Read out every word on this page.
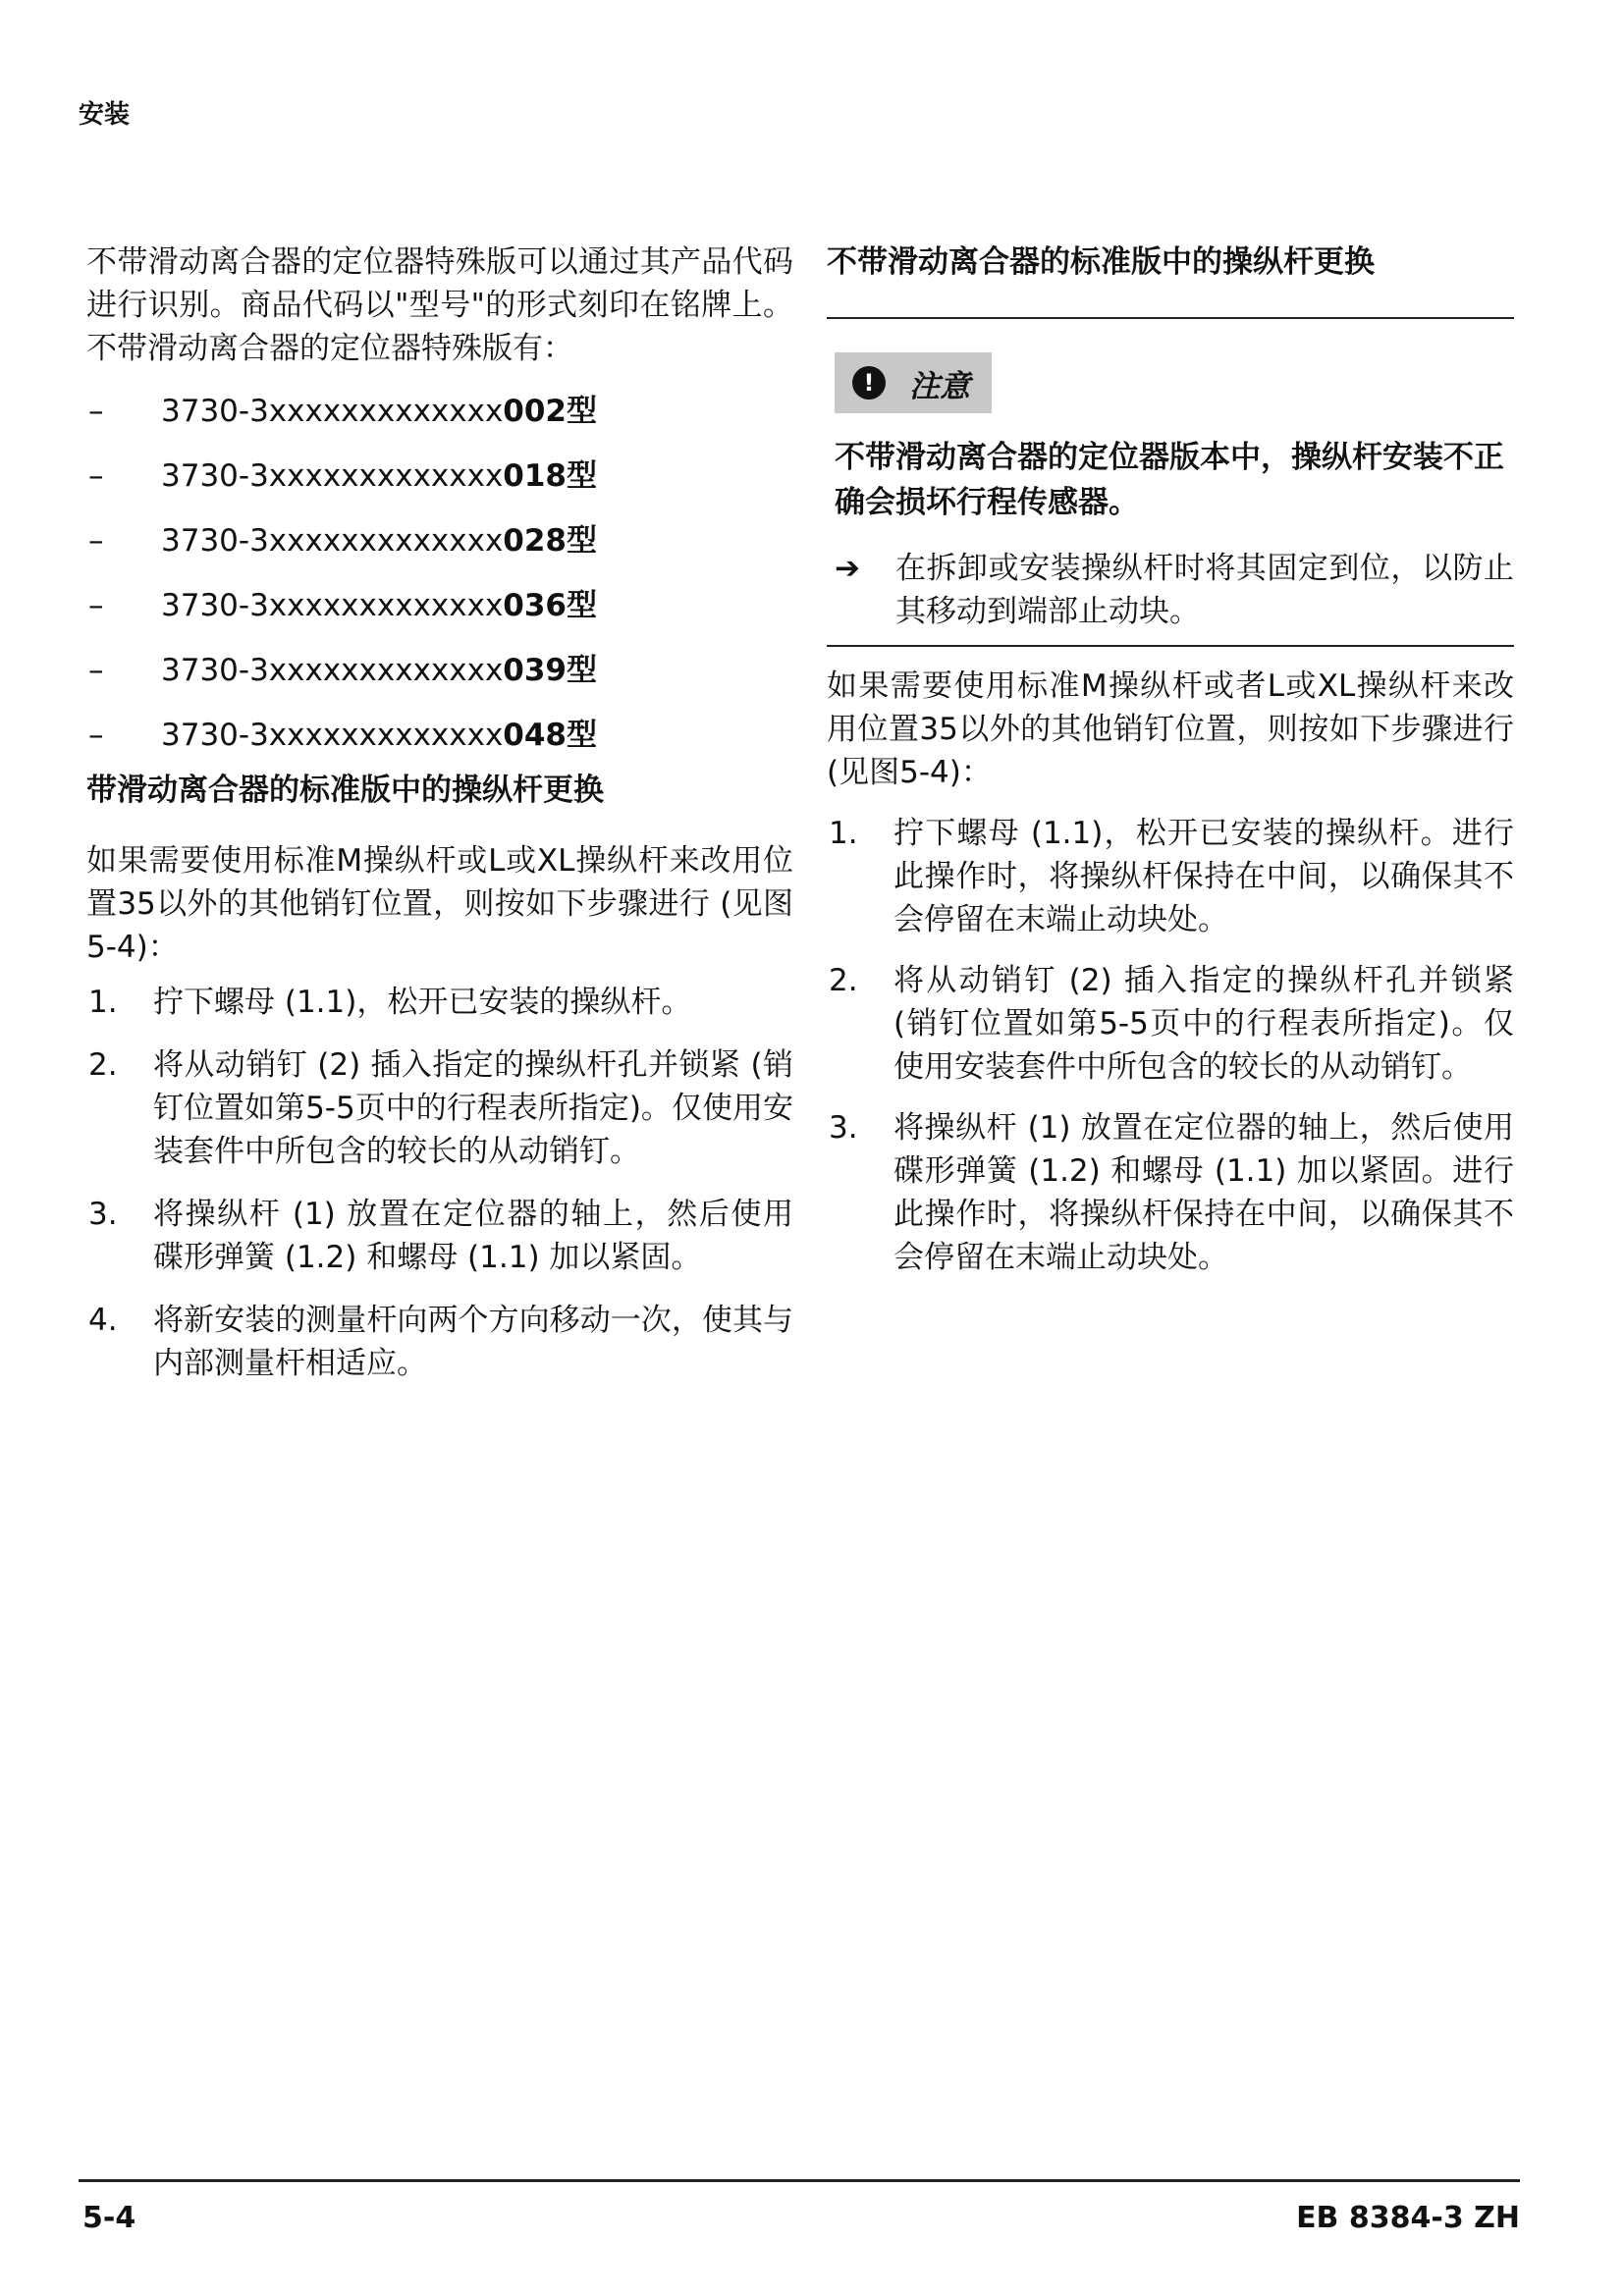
安装

不带滑动离合器的定位器特殊版可以通过其产品代码进行识别。商品代码以"型号"的形式刻印在铭牌上。不带滑动离合器的定位器特殊版有：

– 3730-3xxxxxxxxxxxxx002型
– 3730-3xxxxxxxxxxxxx018型
– 3730-3xxxxxxxxxxxxx028型
– 3730-3xxxxxxxxxxxxx036型
– 3730-3xxxxxxxxxxxxx039型
– 3730-3xxxxxxxxxxxxx048型
带滑动离合器的标准版中的操纵杆更换

如果需要使用标准M操纵杆或L或XL操纵杆来改用位置35以外的其他销钉位置，则按如下步骤进行 (见图5-4)：

1. 拧下螺母 (1.1)，松开已安装的操纵杆。
2. 将从动销钉 (2) 插入指定的操纵杆孔并锁紧 (销钉位置如第5-5页中的行程表所指定)。仅使用安装套件中所包含的较长的从动销钉。
3. 将操纵杆 (1) 放置在定位器的轴上，然后使用碟形弹簧 (1.2) 和螺母 (1.1) 加以紧固。
4. 将新安装的测量杆向两个方向移动一次，使其与内部测量杆相适应。
不带滑动离合器的标准版中的操纵杆更换
!	注意

不带滑动离合器的定位器版本中，操纵杆安装不正确会损坏行程传感器。

➔ 在拆卸或安装操纵杆时将其固定到位，以防止其移动到端部止动块。

如果需要使用标准M操纵杆或者L或XL操纵杆来改用位置35以外的其他销钉位置，则按如下步骤进行 (见图5-4)：

1. 拧下螺母 (1.1)，松开已安装的操纵杆。进行此操作时，将操纵杆保持在中间，以确保其不会停留在末端止动块处。
2. 将从动销钉 (2) 插入指定的操纵杆孔并锁紧 (销钉位置如第5-5页中的行程表所指定)。仅使用安装套件中所包含的较长的从动销钉。
3. 将操纵杆 (1) 放置在定位器的轴上，然后使用碟形弹簧 (1.2) 和螺母 (1.1) 加以紧固。进行此操作时，将操纵杆保持在中间，以确保其不会停留在末端止动块处。
5-4	EB 8384-3 ZH
